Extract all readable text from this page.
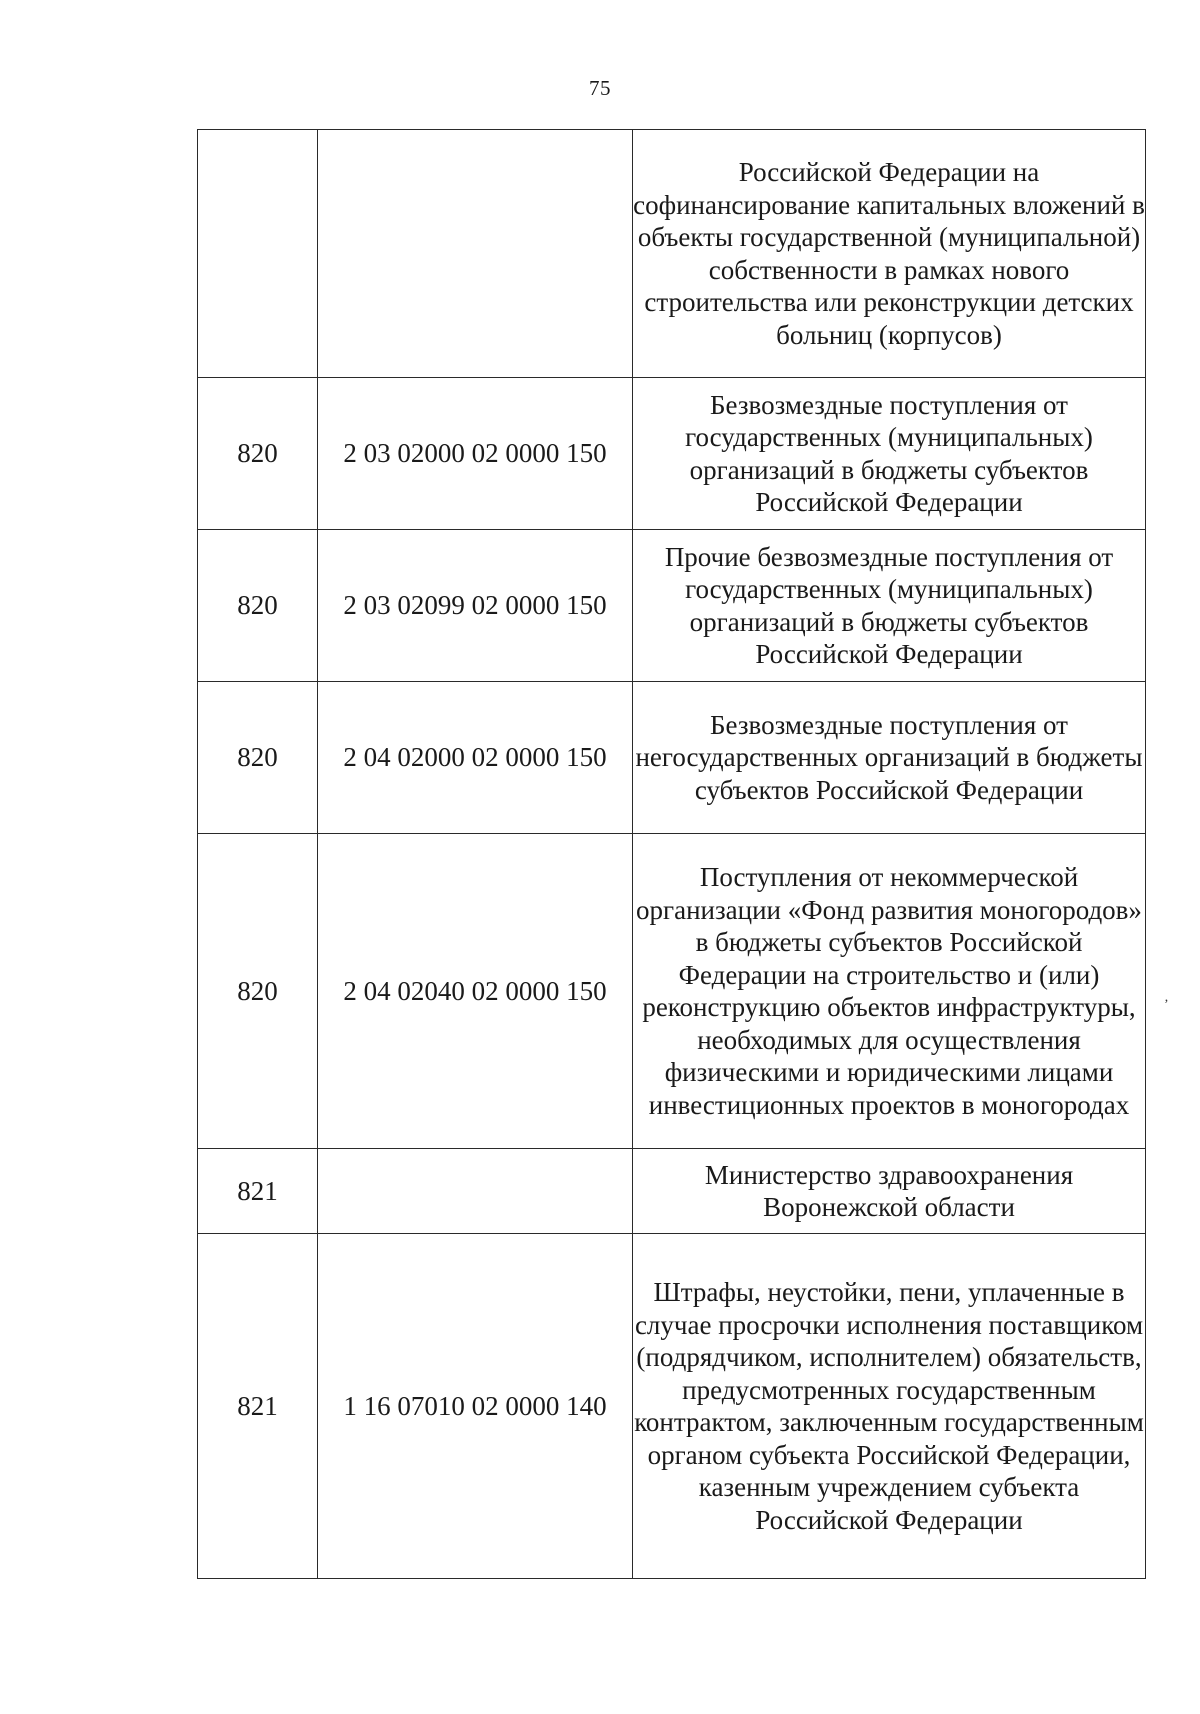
75
		Российской Федерации на софинансирование капитальных вложений в объекты государственной (муниципальной) собственности в рамках нового строительства или реконструкции детских больниц (корпусов)
820	2 03 02000 02 0000 150	Безвозмездные поступления от государственных (муниципальных) организаций в бюджеты субъектов Российской Федерации
820	2 03 02099 02 0000 150	Прочие безвозмездные поступления от государственных (муниципальных) организаций в бюджеты субъектов Российской Федерации
820	2 04 02000 02 0000 150	Безвозмездные поступления от негосударственных организаций в бюджеты субъектов Российской Федерации
820	2 04 02040 02 0000 150	Поступления от некоммерческой организации «Фонд развития моногородов» в бюджеты субъектов Российской Федерации на строительство и (или) реконструкцию объектов инфраструктуры, необходимых для осуществления физическими и юридическими лицами инвестиционных проектов в моногородах
821		Министерство здравоохранения Воронежской области
821	1 16 07010 02 0000 140	Штрафы, неустойки, пени, уплаченные в случае просрочки исполнения поставщиком (подрядчиком, исполнителем) обязательств, предусмотренных государственным контрактом, заключенным государственным органом субъекта Российской Федерации, казенным учреждением субъекта Российской Федерации
‚
